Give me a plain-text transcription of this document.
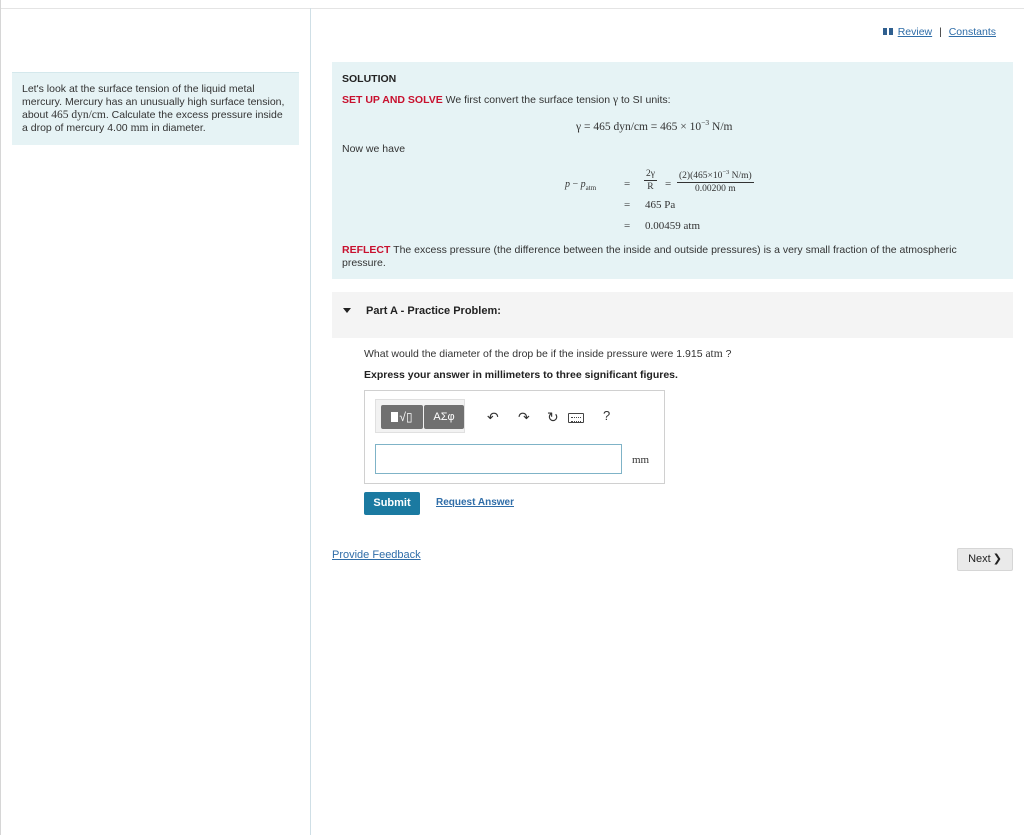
Let's look at the surface tension of the liquid metal mercury. Mercury has an unusually high surface tension, about 465 dyn/cm. Calculate the excess pressure inside a drop of mercury 4.00 mm in diameter.
Review | Constants
SOLUTION
SET UP AND SOLVE We first convert the surface tension γ to SI units:
γ = 465 $dyn/cm = 465 \times 10^{-3}$ N/m
Now we have
$p - p_{atm}$	= $\frac{2\gamma}{R} = \frac{(2)(465\times 10^{-3} N/m)}{0.00200 m}$
= 465 Pa
= 0.00459 atm
REFLECT The excess pressure (the difference between the inside and outside pressures) is a very small fraction of the atmospheric pressure.
Part A - Practice Problem:
What would the diameter of the drop be if the inside pressure were 1.915 atm ?
Express your answer in millimeters to three significant figures.
√▯	ΑΣφ	↶ ↷ ↻	?
mm
Submit	Request Answer
Provide Feedback	Next ❯
